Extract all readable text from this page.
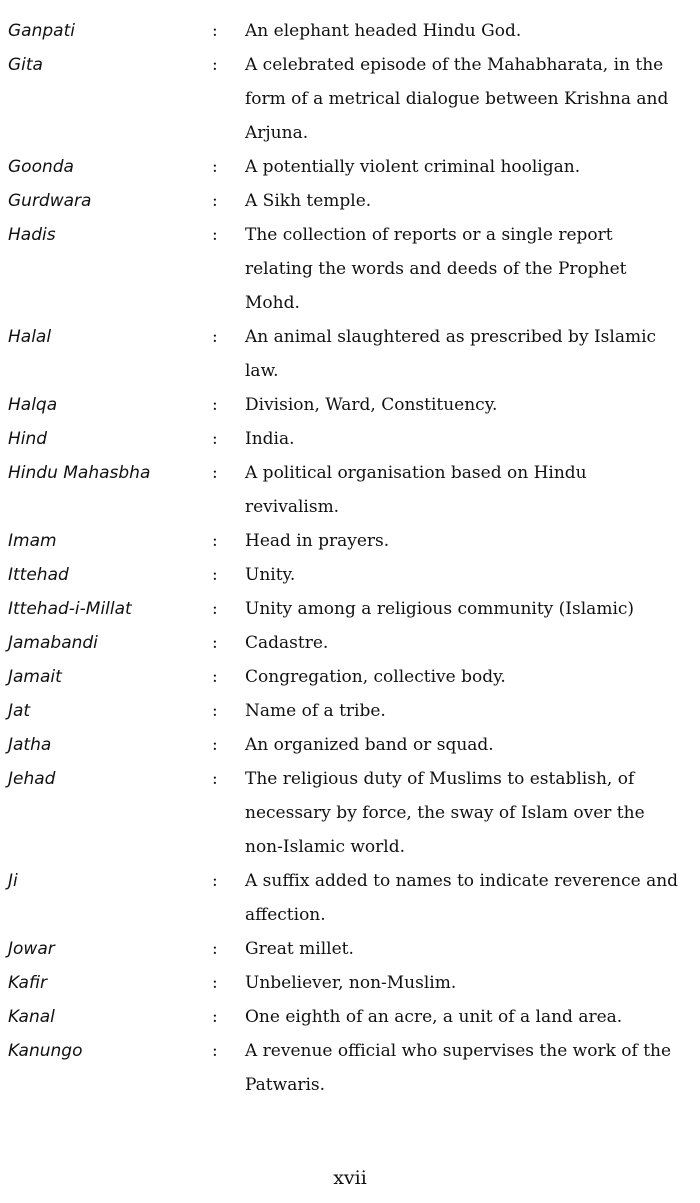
Ganpati	:	An elephant headed Hindu God.
Gita	:	A celebrated episode of the Mahabharata, in the form of a metrical dialogue between Krishna and Arjuna.
Goonda	:	A potentially violent criminal hooligan.
Gurdwara	:	A Sikh temple.
Hadis	:	The collection of reports or a single report relating the words and deeds of the Prophet Mohd.
Halal	:	An animal slaughtered as prescribed by Islamic law.
Halqa	:	Division, Ward, Constituency.
Hind	:	India.
Hindu Mahasbha	:	A political organisation based on Hindu revivalism.
Imam	:	Head in prayers.
Ittehad	:	Unity.
Ittehad-i-Millat	:	Unity among a religious community (Islamic)
Jamabandi	:	Cadastre.
Jamait	:	Congregation, collective body.
Jat	:	Name of a tribe.
Jatha	:	An organized band or squad.
Jehad	:	The religious duty of Muslims to establish, of necessary by force, the sway of Islam over the non-Islamic world.
Ji	:	A suffix added to names to indicate reverence and affection.
Jowar	:	Great millet.
Kafir	:	Unbeliever, non-Muslim.
Kanal	:	One eighth of an acre, a unit of a land area.
Kanungo	:	A revenue official who supervises the work of the Patwaris.
xvii
